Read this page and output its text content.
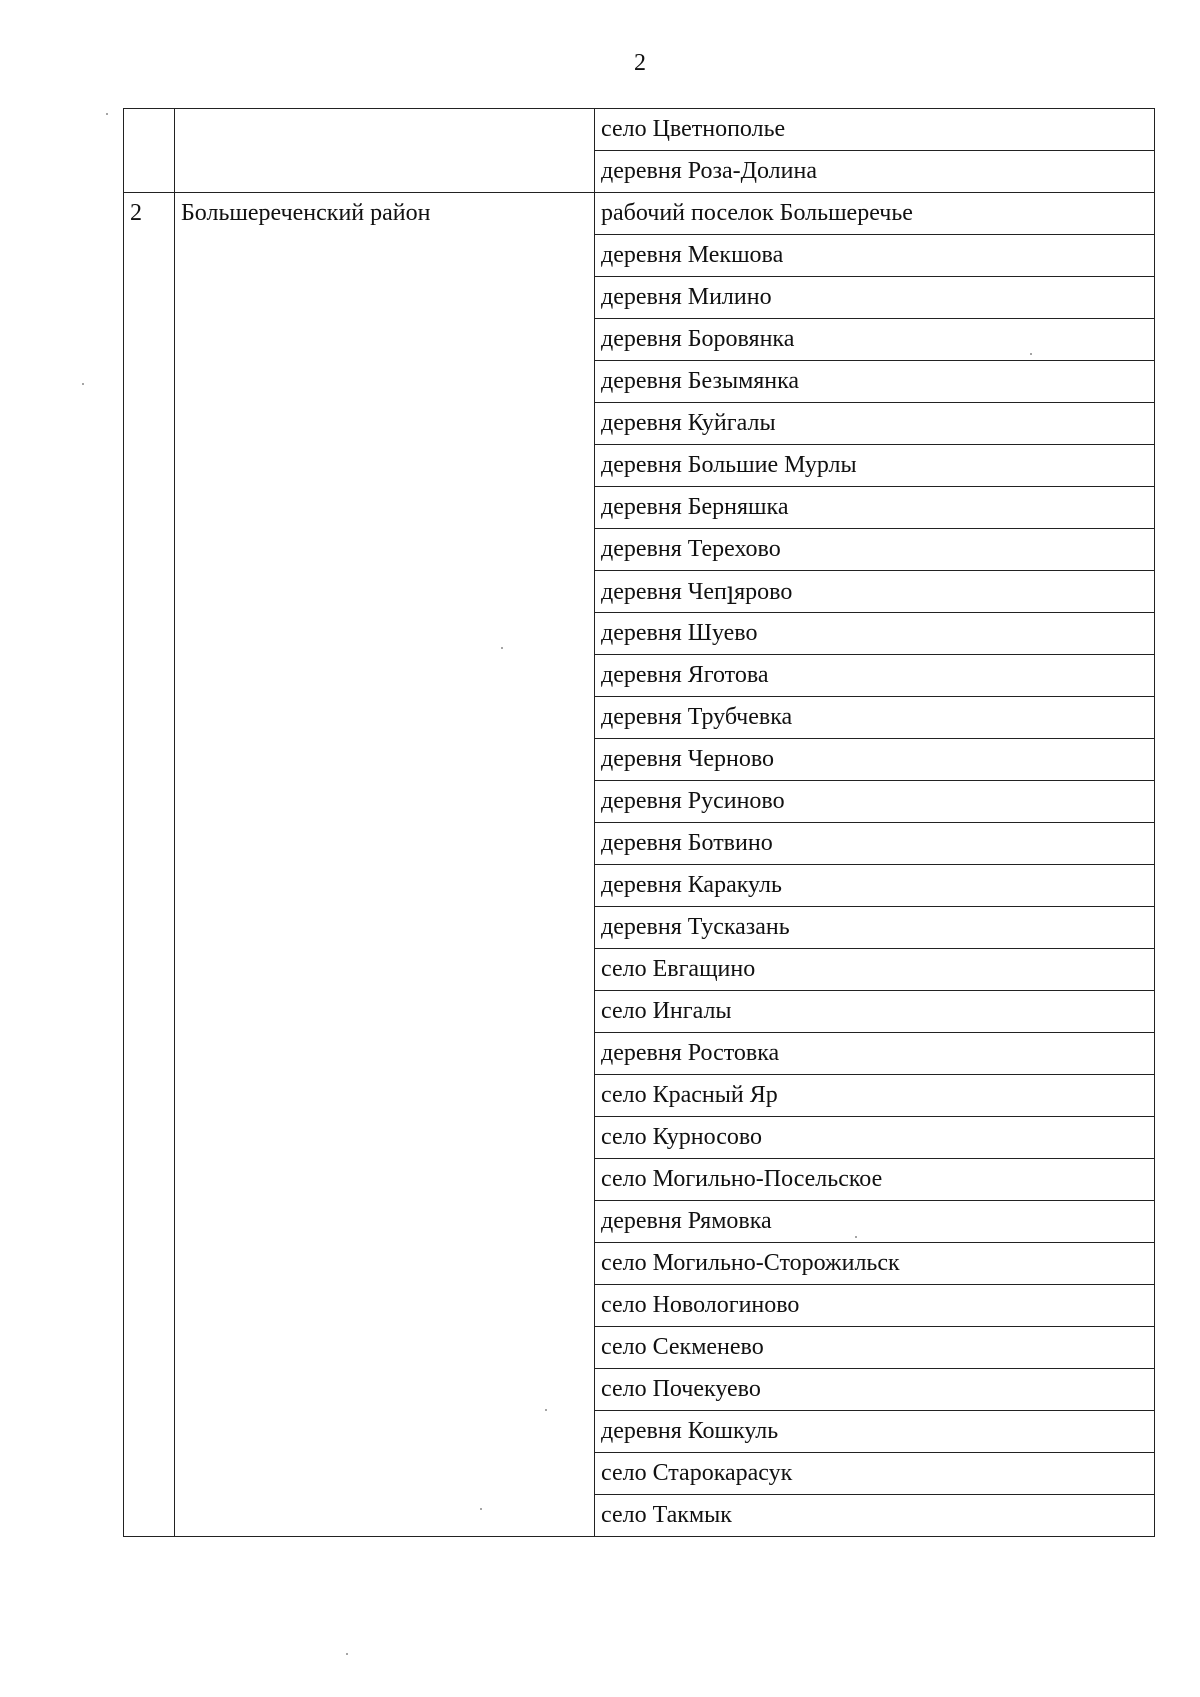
2
		село Цветнополье
		деревня Роза-Долина
2	Большереченский район	рабочий поселок Большеречье
		деревня Мекшова
		деревня Милино
		деревня Боровянка
		деревня Безымянка
		деревня Куйгалы
		деревня Большие Мурлы
		деревня Берняшка
		деревня Терехово
		деревня Чепլярово
		деревня Шуево
		деревня Яготова
		деревня Трубчевка
		деревня Черново
		деревня Русиново
		деревня Ботвино
		деревня Каракуль
		деревня Тусказань
		село Евгащино
		село Ингалы
		деревня Ростовка
		село Красный Яр
		село Курносово
		село Могильно-Посельское
		деревня Рямовка
		село Могильно-Сторожильск
		село Новологиново
		село Секменево
		село Почекуево
		деревня Кошкуль
		село Старокарасук
		село Такмык
